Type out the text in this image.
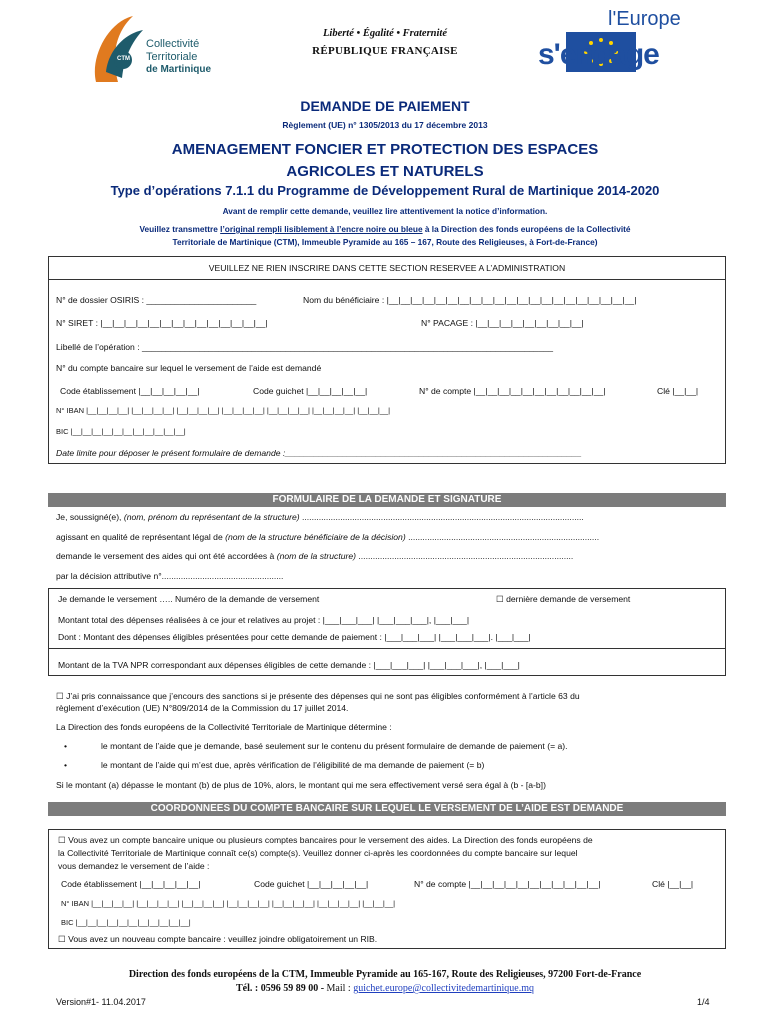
CTM
Collectivité
Territoriale
de Martinique
Liberté • Égalité • Fraternité
RÉPUBLIQUE FRANÇAISE
l'Europe
s'engage
DEMANDE DE PAIEMENT
Règlement (UE) n° 1305/2013 du 17 décembre 2013
AMENAGEMENT FONCIER ET PROTECTION DES ESPACES
AGRICOLES ET NATURELS
Type d’opérations 7.1.1 du Programme de Développement Rural de Martinique 2014-2020
Avant de remplir cette demande, veuillez lire attentivement la notice d’information.
Veuillez transmettre l’original rempli lisiblement à l’encre noire ou bleue à la Direction des fonds européens de la Collectivité
Territoriale de Martinique (CTM), Immeuble Pyramide au 165 – 167, Route des Religieuses, à Fort-de-France)
VEUILLEZ NE RIEN INSCRIRE DANS CETTE SECTION RESERVEE A L’ADMINISTRATION
N° de dossier OSIRIS : _______________________	Nom du bénéficiaire : |__|__|__|__|__|__|__|__|__|__|__|__|__|__|__|__|__|__|__|__|__|
N° SIRET : |__|__|__|__|__|__|__|__|__|__|__|__|__|__|	N° PACAGE : |__|__|__|__|__|__|__|__|__|
Libellé de l’opération : ______________________________________________________________________________________
N° du compte bancaire sur lequel le versement de l’aide est demandé
Code établissement |__|__|__|__|__|	Code guichet |__|__|__|__|__|	N° de compte |__|__|__|__|__|__|__|__|__|__|__|	Clé |__|__|
N° IBAN |__|__|__|__| |__|__|__|__| |__|__|__|__| |__|__|__|__| |__|__|__|__| |__|__|__|__| |__|__|__|
BIC |__|__|__|__|__|__|__|__|__|__|__|
Date limite pour déposer le présent formulaire de demande :______________________________________________________________
FORMULAIRE DE LA DEMANDE ET SIGNATURE
Je, soussigné(e), (nom, prénom du représentant de la structure) ......................................................................................................................
agissant en qualité de représentant légal de (nom de la structure bénéficiaire de la décision) ................................................................................
demande le versement des aides qui ont été accordées à (nom de la structure) ..........................................................................................
par la décision attributive n°...................................................
Je demande le versement ….. Numéro de la demande de versement	☐ dernière demande de versement
Montant total des dépenses réalisées à ce jour et relatives au projet : |___|___|___| |___|___|___|, |___|___|
Dont : Montant des dépenses éligibles présentées pour cette demande de paiement : |___|___|___| |___|___|___|. |___|___|
Montant de la TVA NPR correspondant aux dépenses éligibles de cette demande : |___|___|___| |___|___|___|, |___|___|
☐ J’ai pris connaissance que j’encours des sanctions si je présente des dépenses qui ne sont pas éligibles conformément à l’article 63 du
règlement d’exécution (UE) N°809/2014 de la Commission du 17 juillet 2014.
La Direction des fonds européens de la Collectivité Territoriale de Martinique détermine :
•	le montant de l’aide que je demande, basé seulement sur le contenu du présent formulaire de demande de paiement (= a).
•	le montant de l’aide qui m’est due, après vérification de l’éligibilité de ma demande de paiement (= b)
Si le montant (a) dépasse le montant (b) de plus de 10%, alors, le montant qui me sera effectivement versé sera égal à (b - [a-b])
COORDONNEES DU COMPTE BANCAIRE SUR LEQUEL LE VERSEMENT DE L’AIDE EST DEMANDE
☐ Vous avez un compte bancaire unique ou plusieurs comptes bancaires pour le versement des aides. La Direction des fonds européens de
la Collectivité Territoriale de Martinique connaît ce(s) compte(s). Veuillez donner ci-après les coordonnées du compte bancaire sur lequel
vous demandez le versement de l’aide :
Code établissement |__|__|__|__|__|	Code guichet |__|__|__|__|__|	N° de compte |__|__|__|__|__|__|__|__|__|__|__|	Clé |__|__|
N° IBAN |__|__|__|__| |__|__|__|__| |__|__|__|__| |__|__|__|__| |__|__|__|__| |__|__|__|__| |__|__|__|
BIC |__|__|__|__|__|__|__|__|__|__|__|
☐ Vous avez un nouveau compte bancaire : veuillez joindre obligatoirement un RIB.
Direction des fonds européens de la CTM, Immeuble Pyramide au 165-167, Route des Religieuses, 97200 Fort-de-France
Tél. : 0596 59 89 00 - Mail : guichet.europe@collectivitedemartinique.mq
Version#1- 11.04.2017	1/4
